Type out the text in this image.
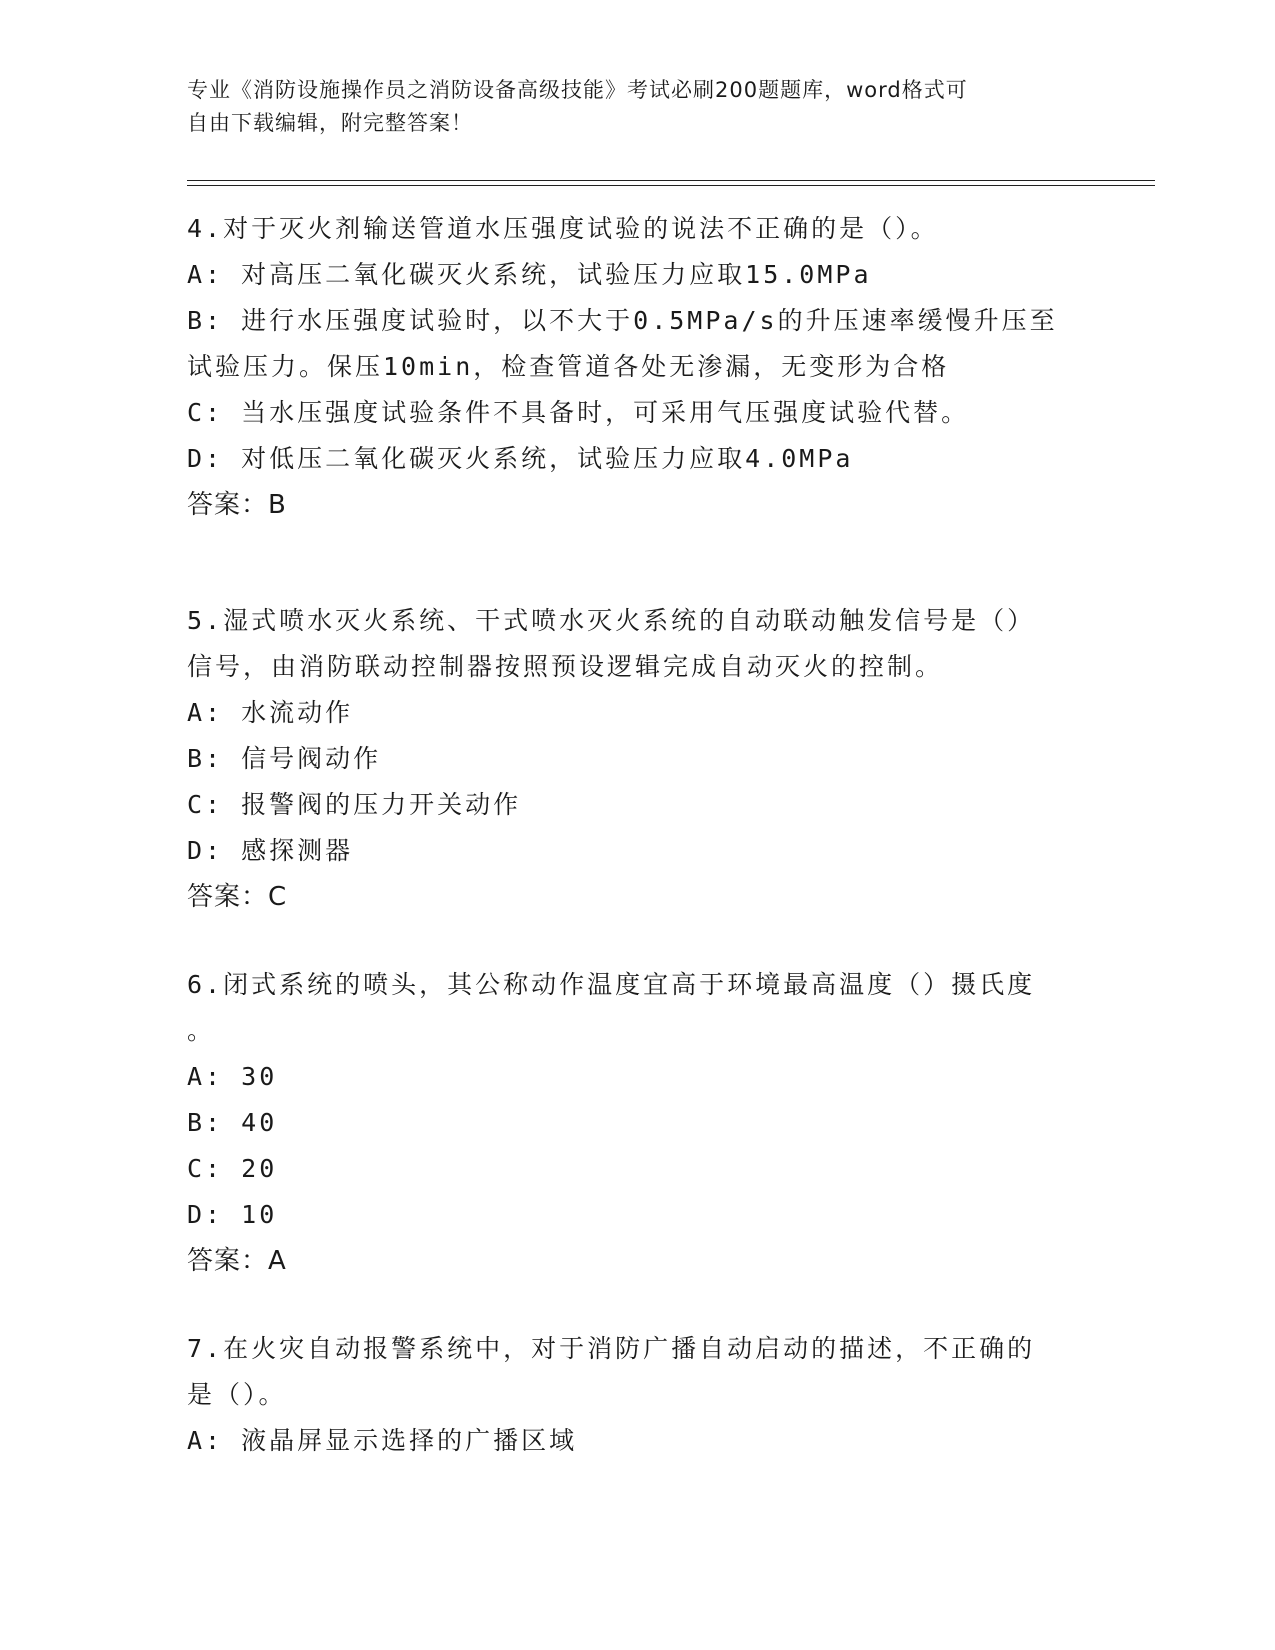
专业《消防设施操作员之消防设备高级技能》考试必刷200题题库，word格式可
自由下载编辑，附完整答案！
4.对于灭火剂输送管道水压强度试验的说法不正确的是（）。
A: 对高压二氧化碳灭火系统，试验压力应取15.0MPa
B: 进行水压强度试验时，以不大于0.5MPa/s的升压速率缓慢升压至
试验压力。保压10min，检查管道各处无渗漏，无变形为合格
C: 当水压强度试验条件不具备时，可采用气压强度试验代替。
D: 对低压二氧化碳灭火系统，试验压力应取4.0MPa
答案：B
5.湿式喷水灭火系统、干式喷水灭火系统的自动联动触发信号是（）
信号，由消防联动控制器按照预设逻辑完成自动灭火的控制。
A: 水流动作
B: 信号阀动作
C: 报警阀的压力开关动作
D: 感探测器
答案：C
6.闭式系统的喷头，其公称动作温度宜高于环境最高温度（）摄氏度
。
A: 30
B: 40
C: 20
D: 10
答案：A
7.在火灾自动报警系统中，对于消防广播自动启动的描述，不正确的
是（）。
A: 液晶屏显示选择的广播区域
